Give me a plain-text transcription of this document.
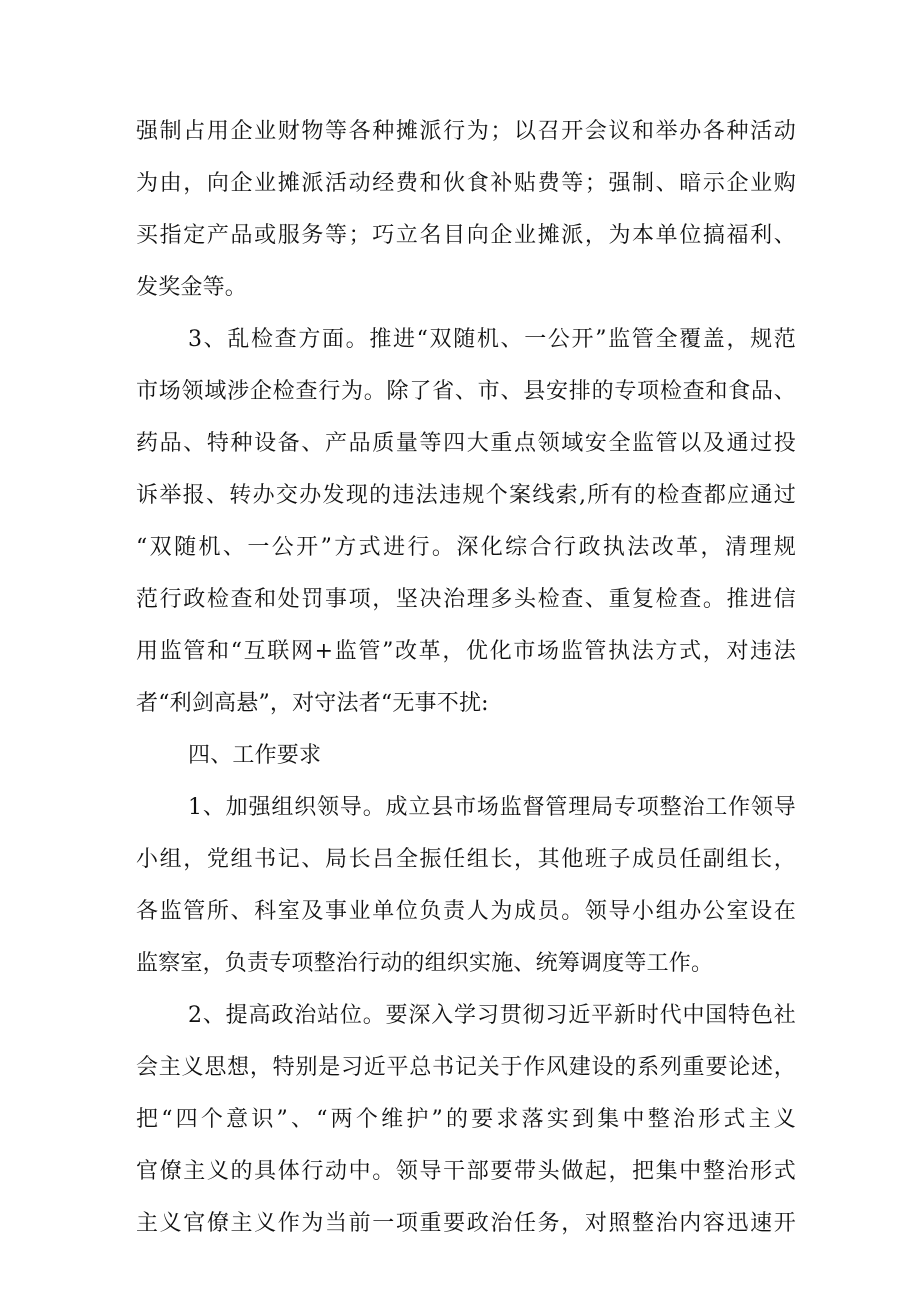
强制占用企业财物等各种摊派行为；以召开会议和举办各种活动

为由，向企业摊派活动经费和伙食补贴费等；强制、暗示企业购

买指定产品或服务等；巧立名目向企业摊派，为本单位搞福利、

发奖金等。

3、乱检查方面。推进“双随机、一公开”监管全覆盖，规范

市场领域涉企检查行为。除了省、市、县安排的专项检查和食品、

药品、特种设备、产品质量等四大重点领域安全监管以及通过投

诉举报、转办交办发现的违法违规个案线索,所有的检查都应通过

“双随机、一公开”方式进行。深化综合行政执法改革，清理规

范行政检查和处罚事项，坚决治理多头检查、重复检查。推进信

用监管和“互联网+监管”改革，优化市场监管执法方式，对违法

者“利剑高悬”，对守法者“无事不扰:

四、工作要求

1、加强组织领导。成立县市场监督管理局专项整治工作领导

小组，党组书记、局长吕全振任组长，其他班子成员任副组长，

各监管所、科室及事业单位负责人为成员。领导小组办公室设在

监察室，负责专项整治行动的组织实施、统筹调度等工作。

2、提高政治站位。要深入学习贯彻习近平新时代中国特色社

会主义思想，特别是习近平总书记关于作风建设的系列重要论述，

把“四个意识”、“两个维护”的要求落实到集中整治形式主义

官僚主义的具体行动中。领导干部要带头做起，把集中整治形式

主义官僚主义作为当前一项重要政治任务，对照整治内容迅速开
